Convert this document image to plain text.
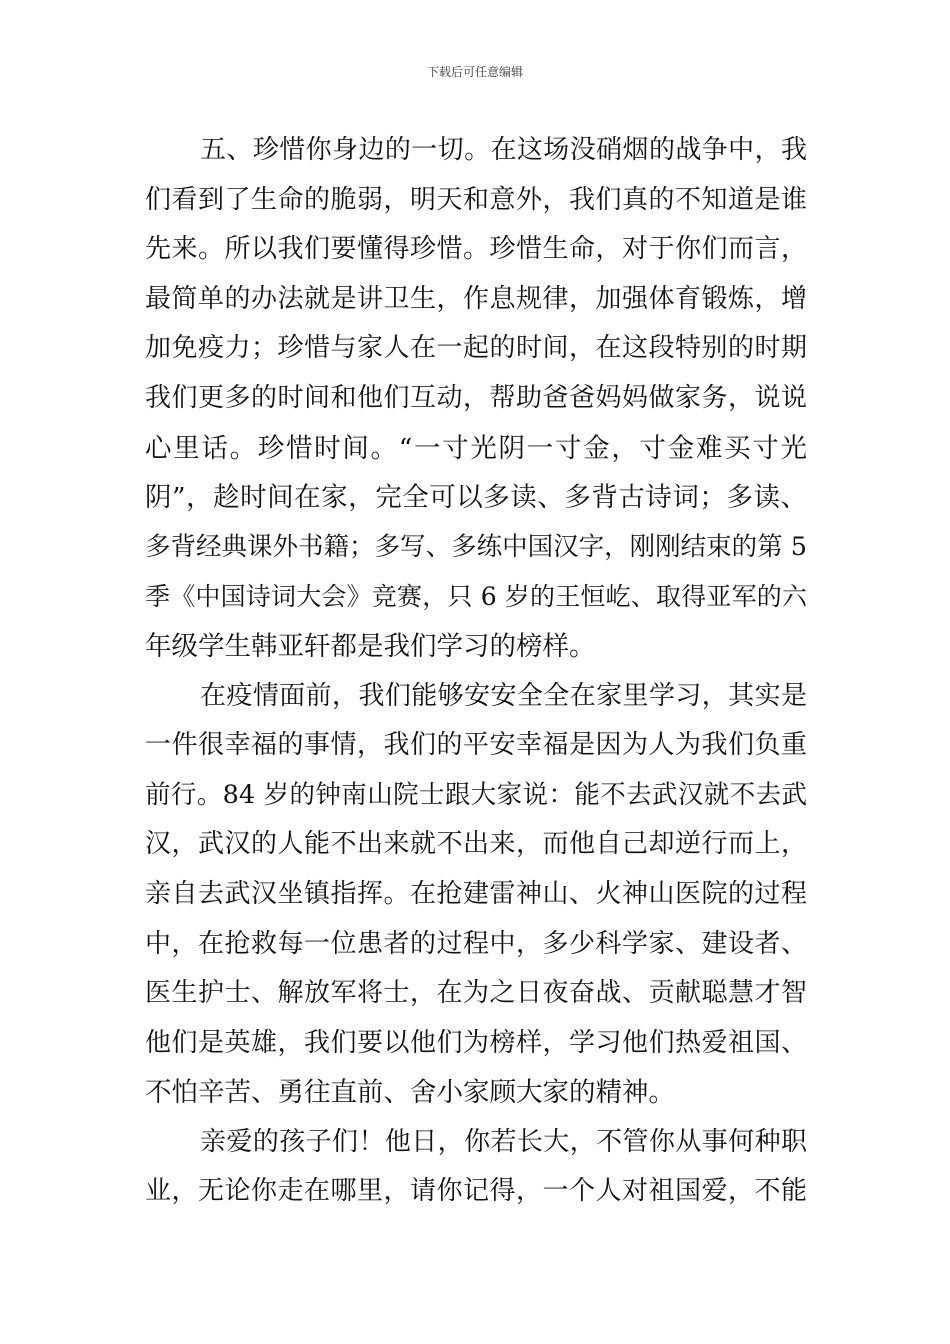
下载后可任意编辑
五、珍惜你身边的一切。在这场没硝烟的战争中，我
们看到了生命的脆弱，明天和意外，我们真的不知道是谁
先来。所以我们要懂得珍惜。珍惜生命，对于你们而言，
最简单的办法就是讲卫生，作息规律，加强体育锻炼，增
加免疫力；珍惜与家人在一起的时间，在这段特别的时期
我们更多的时间和他们互动，帮助爸爸妈妈做家务，说说
心里话。珍惜时间。“一寸光阴一寸金，寸金难买寸光
阴”，趁时间在家，完全可以多读、多背古诗词；多读、
多背经典课外书籍；多写、多练中国汉字，刚刚结束的第 5
季《中国诗词大会》竞赛，只 6 岁的王恒屹、取得亚军的六
年级学生韩亚轩都是我们学习的榜样。
在疫情面前，我们能够安安全全在家里学习，其实是
一件很幸福的事情，我们的平安幸福是因为人为我们负重
前行。84 岁的钟南山院士跟大家说：能不去武汉就不去武
汉，武汉的人能不出来就不出来，而他自己却逆行而上，
亲自去武汉坐镇指挥。在抢建雷神山、火神山医院的过程
中，在抢救每一位患者的过程中，多少科学家、建设者、
医生护士、解放军将士，在为之日夜奋战、贡献聪慧才智
他们是英雄，我们要以他们为榜样，学习他们热爱祖国、
不怕辛苦、勇往直前、舍小家顾大家的精神。
亲爱的孩子们！他日，你若长大，不管你从事何种职
业，无论你走在哪里，请你记得，一个人对祖国爱，不能
